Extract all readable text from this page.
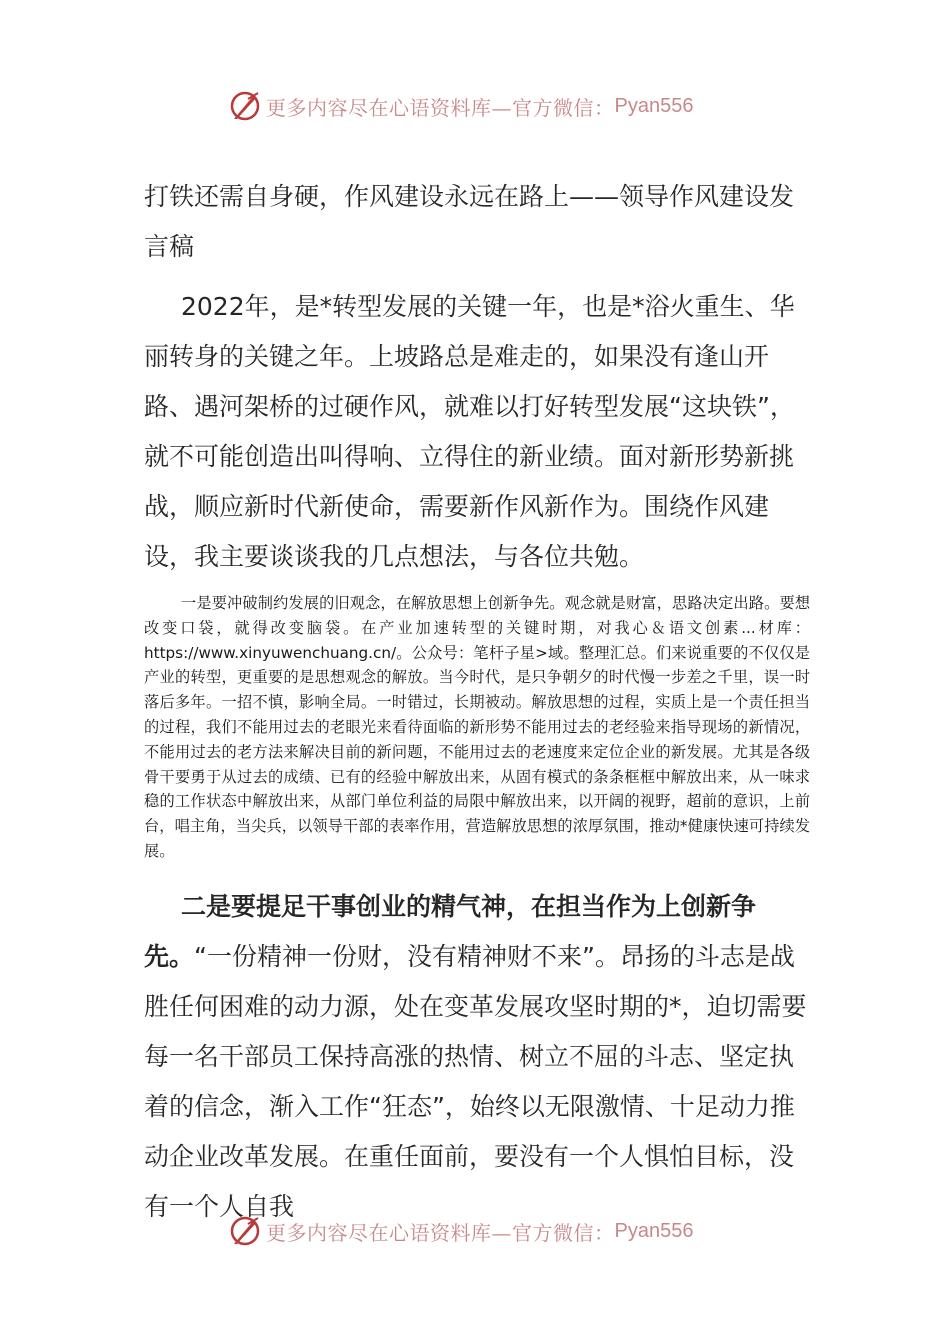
更多内容尽在心语资料库—官方微信： Pyan556
打铁还需自身硬，作风建设永远在路上——领导作风建设发言稿

2022年，是*转型发展的关键一年，也是*浴火重生、华丽转身的关键之年。上坡路总是难走的，如果没有逢山开路、遇河架桥的过硬作风，就难以打好转型发展“这块铁”，就不可能创造出叫得响、立得住的新业绩。面对新形势新挑战，顺应新时代新使命，需要新作风新作为。围绕作风建设，我主要谈谈我的几点想法，与各位共勉。

一是要冲破制约发展的旧观念，在解放思想上创新争先。观念就是财富，思路决定出路。要想改变口袋，就得改变脑袋。在产业加速转型的关键时期，对我心＆语文创素...材库：https://www.xinyuwenchuang.cn/。公众号：笔杆子星>域。整理汇总。们来说重要的不仅仅是产业的转型，更重要的是思想观念的解放。当今时代，是只争朝夕的时代慢一步差之千里，误一时落后多年。一招不慎，影响全局。一时错过，长期被动。解放思想的过程，实质上是一个责任担当的过程，我们不能用过去的老眼光来看待面临的新形势不能用过去的老经验来指导现场的新情况，不能用过去的老方法来解决目前的新问题，不能用过去的老速度来定位企业的新发展。尤其是各级骨干要勇于从过去的成绩、已有的经验中解放出来，从固有模式的条条框框中解放出来，从一味求稳的工作状态中解放出来，从部门单位利益的局限中解放出来，以开阔的视野，超前的意识，上前台，唱主角，当尖兵，以领导干部的表率作用，营造解放思想的浓厚氛围，推动*健康快速可持续发展。

二是要提足干事创业的精气神，在担当作为上创新争先。“一份精神一份财，没有精神财不来”。昂扬的斗志是战胜任何困难的动力源，处在变革发展攻坚时期的*，迫切需要每一名干部员工保持高涨的热情、树立不屈的斗志、坚定执着的信念，渐入工作“狂态”，始终以无限激情、十足动力推动企业改革发展。在重任面前，要没有一个人惧怕目标，没有一个人自我

更多内容尽在心语资料库—官方微信： Pyan556
